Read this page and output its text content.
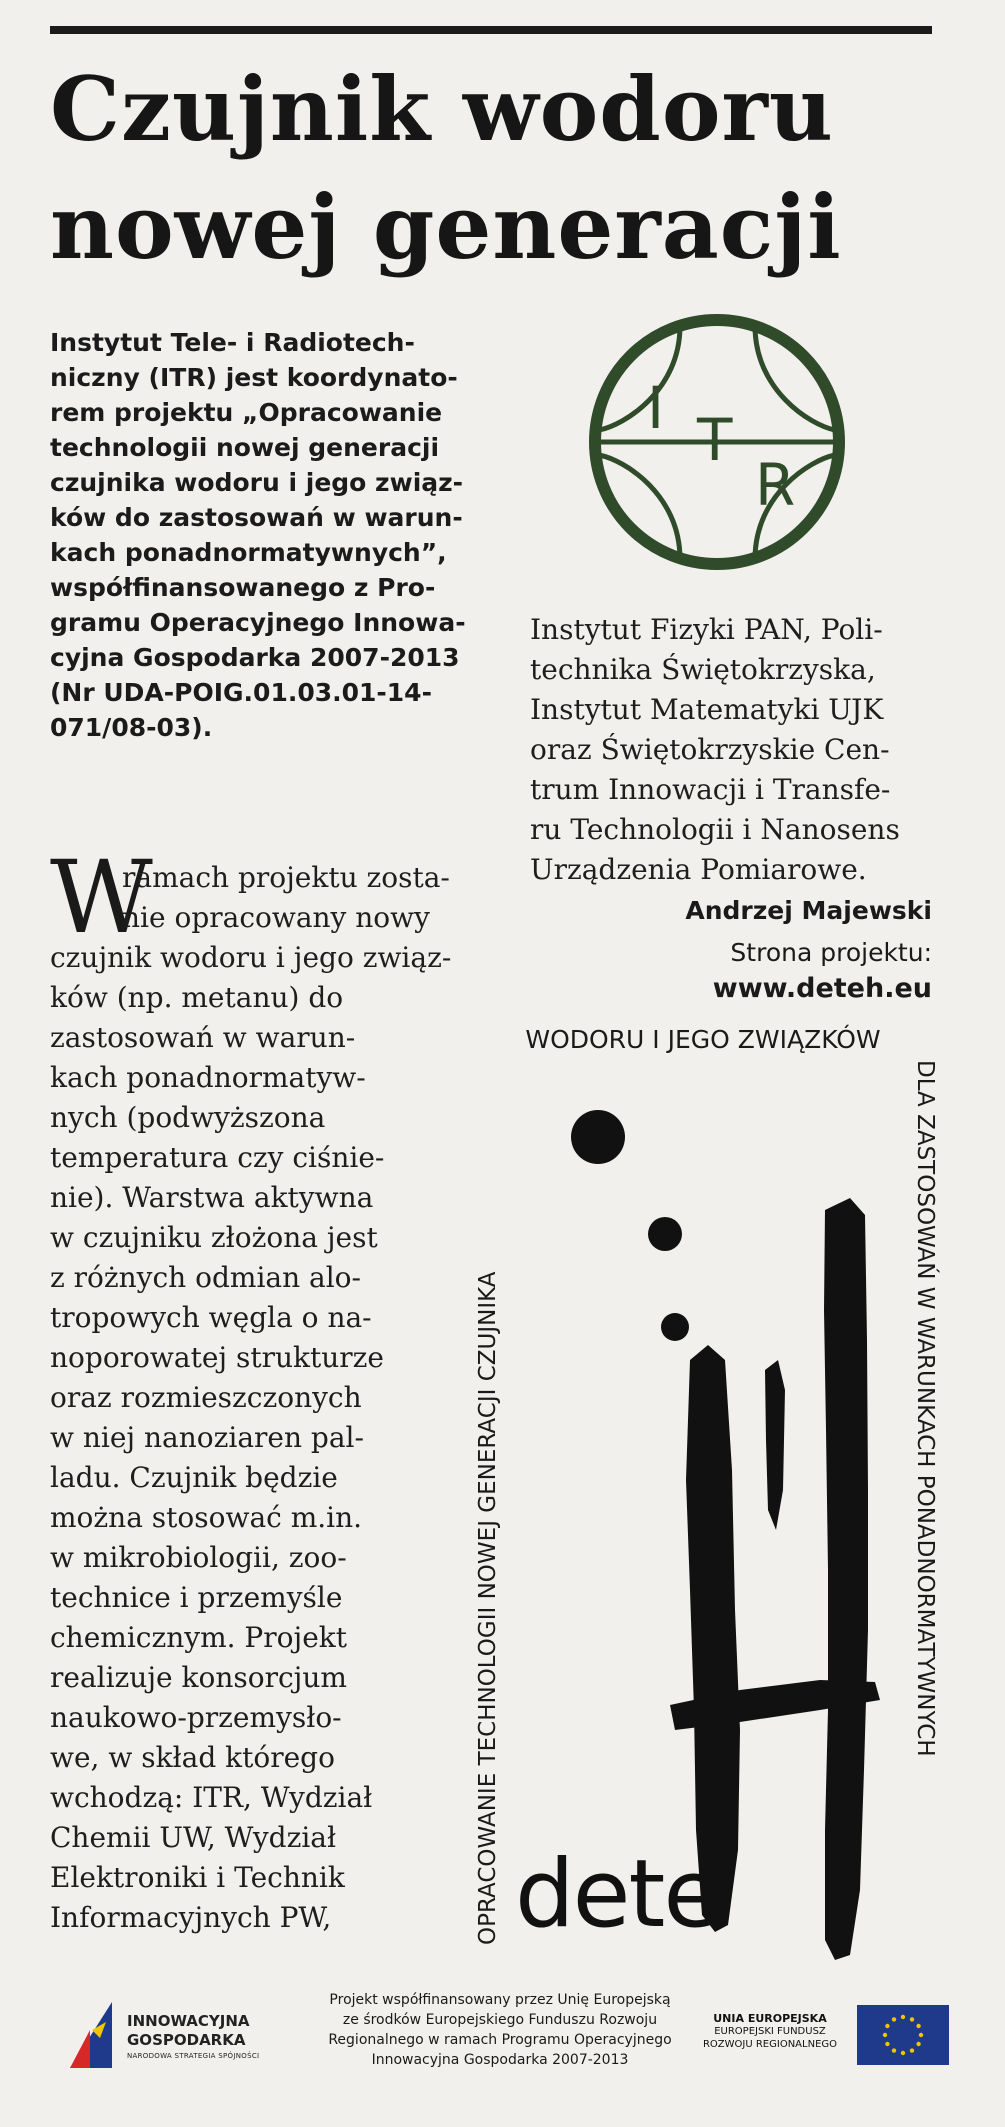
Czujnik wodoru
nowej generacji
Instytut Tele- i Radiotech-
niczny (ITR) jest koordynato-
rem projektu „Opracowanie
technologii nowej generacji
czujnika wodoru i jego związ-
ków do zastosowań w warun-
kach ponadnormatywnych”,
współfinansowanego z Pro-
gramu Operacyjnego Innowa-
cyjna Gospodarka 2007-2013
(Nr UDA-POIG.01.03.01-14-
071/08-03).
I T
R
Instytut Fizyki PAN, Poli-
technika Świętokrzyska,
Instytut Matematyki UJK
oraz Świętokrzyskie Cen-
trum Innowacji i Transfe-
ru Technologii i Nanosens
Urządzenia Pomiarowe.
Andrzej Majewski
Strona projektu: www.deteh.eu
W
ramach projektu zosta-
nie opracowany nowy
czujnik wodoru i jego związ-
ków (np. metanu) do
zastosowań w warun-
kach ponadnormatyw-
nych (podwyższona
temperatura czy ciśnie-
nie). Warstwa aktywna
w czujniku złożona jest
z różnych odmian alo-
tropowych węgla o na-
noporowatej strukturze
oraz rozmieszczonych
w niej nanoziaren pal-
ladu. Czujnik będzie
można stosować m.in.
w mikrobiologii, zoo-
technice i przemyśle
chemicznym. Projekt
realizuje konsorcjum
naukowo-przemysło-
we, w skład którego
wchodzą: ITR, Wydział
Chemii UW, Wydział
Elektroniki i Technik
Informacyjnych PW,
WODORU I JEGO ZWIĄZKÓW
OPRACOWANIE TECHNOLOGII NOWEJ GENERACJI CZUJNIKA	DLA ZASTOSOWAŃ W WARUNKACH PONADNORMATYWNYCH
dete
INNOWACYJNA
GOSPODARKA
NARODOWA STRATEGIA SPÓJNOŚCI
Projekt współfinansowany przez Unię Europejską
ze środków Europejskiego Funduszu Rozwoju
Regionalnego w ramach Programu Operacyjnego
Innowacyjna Gospodarka 2007-2013
UNIA EUROPEJSKA
EUROPEJSKI FUNDUSZ
ROZWOJU REGIONALNEGO
